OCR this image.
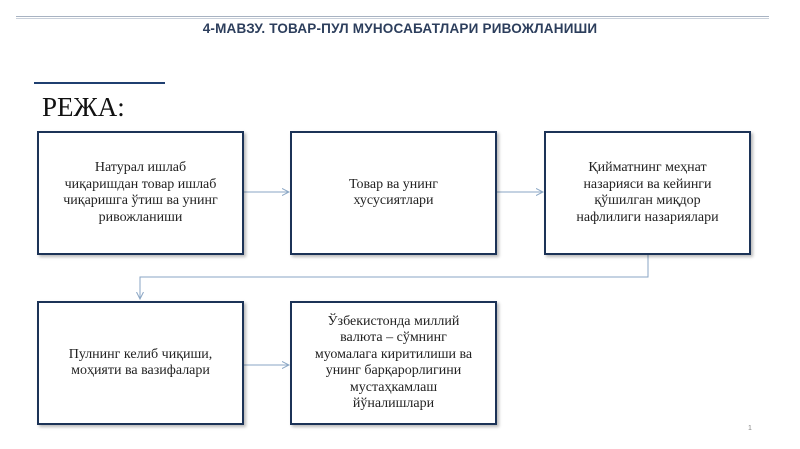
4-МАВЗУ. ТОВАР-ПУЛ МУНОСАБАТЛАРИ РИВОЖЛАНИШИ
РЕЖА:
Натурал ишлаб
чиқаришдан товар ишлаб
чиқаришга ўтиш ва унинг
ривожланиши
Товар ва унинг
хусусиятлари
Қийматнинг меҳнат
назарияси ва кейинги
қўшилган миқдор
нафлилиги назариялари
Пулнинг келиб чиқиши,
моҳияти ва вазифалари
Ўзбекистонда миллий
валюта – сўмнинг
муомалага киритилиши ва
унинг барқарорлигини
мустаҳкамлаш
йўналишлари
1
